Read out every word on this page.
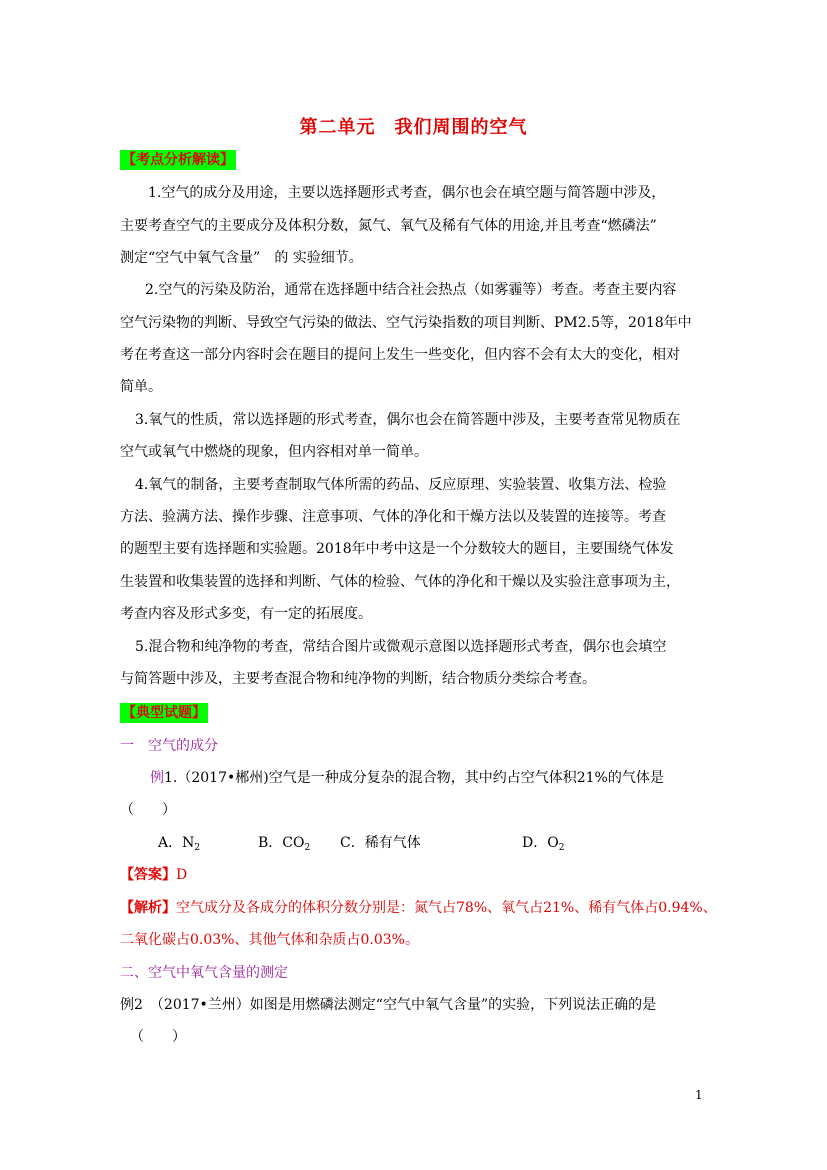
第二单元　我们周围的空气
【考点分析解读】
1.空气的成分及用途，主要以选择题形式考查，偶尔也会在填空题与简答题中涉及，
主要考查空气的主要成分及体积分数，氮气、氧气及稀有气体的用途,并且考查“燃磷法”
测定“空气中氧气含量”　的 实验细节。
2.空气的污染及防治，通常在选择题中结合社会热点（如雾霾等）考查。考查主要内容
空气污染物的判断、导致空气污染的做法、空气污染指数的项目判断、PM2.5等，2018年中
考在考查这一部分内容时会在题目的提问上发生一些变化，但内容不会有太大的变化，相对
简单。
3.氧气的性质，常以选择题的形式考查，偶尔也会在简答题中涉及，主要考查常见物质在
空气或氧气中燃烧的现象，但内容相对单一简单。
4.氧气的制备，主要考查制取气体所需的药品、反应原理、实验装置、收集方法、检验
方法、验满方法、操作步骤、注意事项、气体的净化和干燥方法以及装置的连接等。考查
的题型主要有选择题和实验题。2018年中考中这是一个分数较大的题目，主要围绕气体发
生装置和收集装置的选择和判断、气体的检验、气体的净化和干燥以及实验注意事项为主，
考查内容及形式多变，有一定的拓展度。
5.混合物和纯净物的考查，常结合图片或微观示意图以选择题形式考查，偶尔也会填空
与简答题中涉及，主要考查混合物和纯净物的判断，结合物质分类综合考查。
【典型试题】
一　空气的成分
例1.（2017•郴州)空气是一种成分复杂的混合物，其中约占空气体积21%的气体是
（　　）
A．$N_2$	B．$CO_2$ C．稀有气体	D．$O_2$
【答案】D
【解析】空气成分及各成分的体积分数分别是：氮气占78%、氧气占21%、稀有气体占0.94%、
二氧化碳占0.03%、其他气体和杂质占0.03%。
二、空气中氧气含量的测定
例2　（2017•兰州）如图是用燃磷法测定“空气中氧气含量”的实验，下列说法正确的是
（　　）
1
